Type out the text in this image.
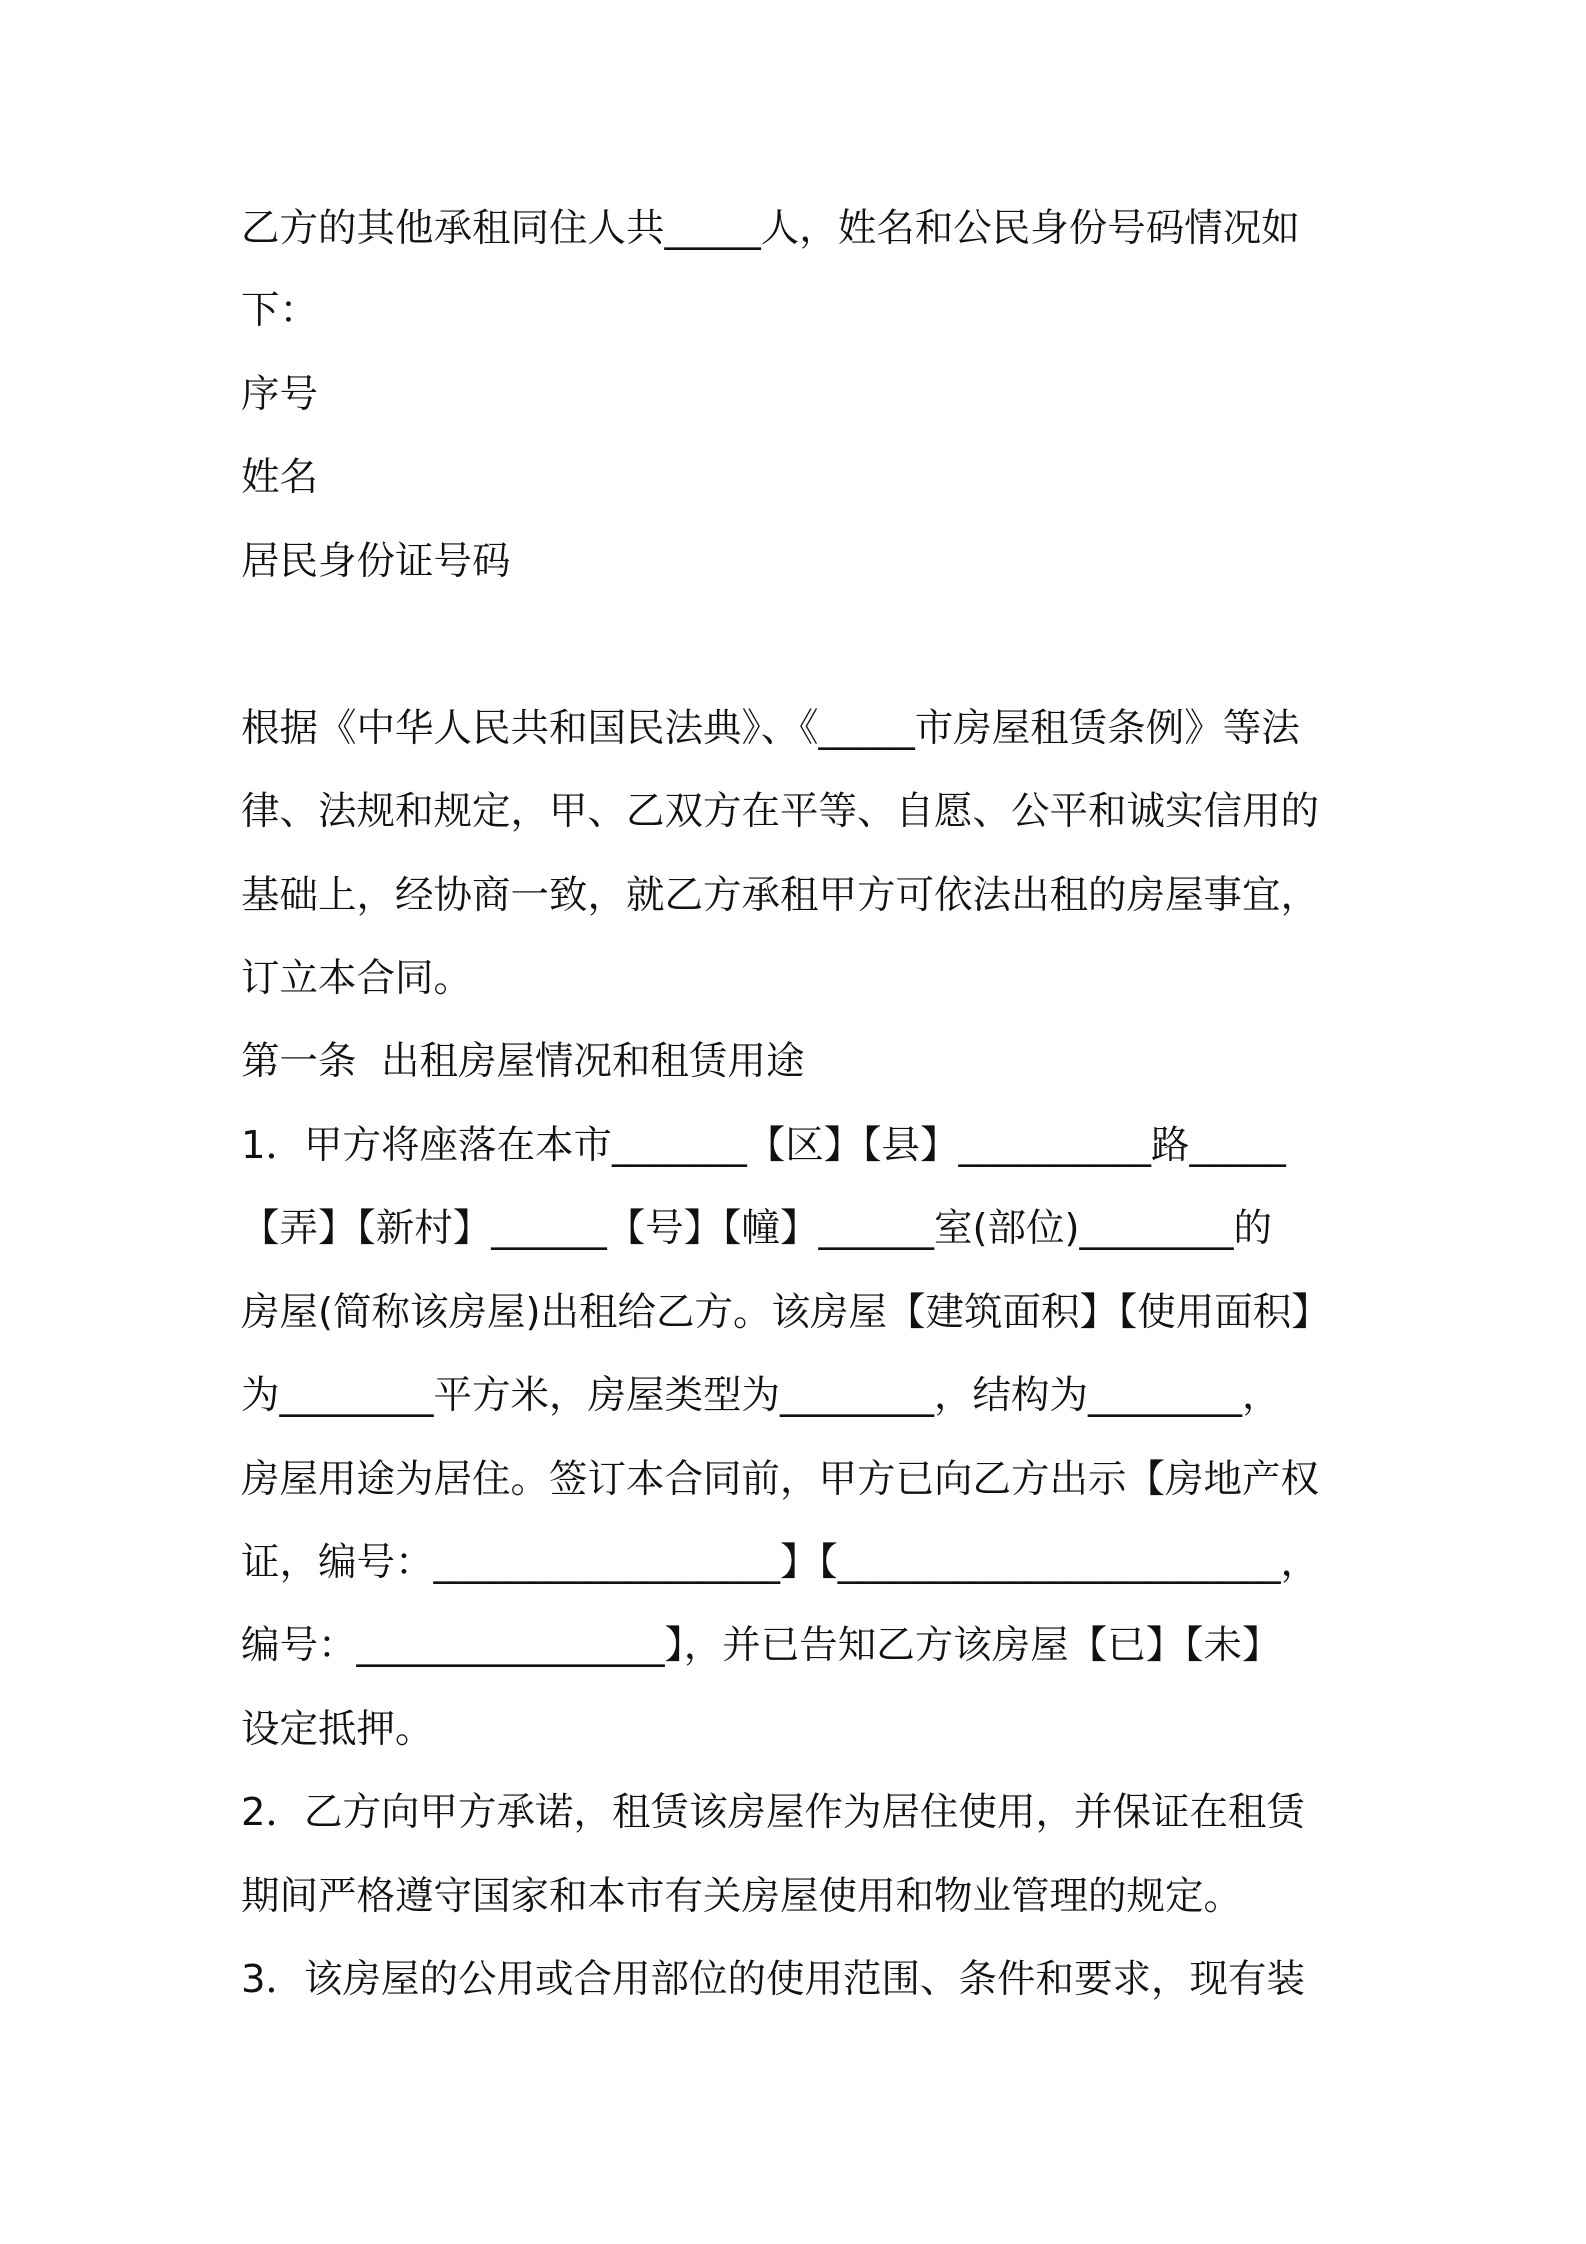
乙方的其他承租同住人共_____人，姓名和公民身份号码情况如
下：
序号
姓名
居民身份证号码
根据《中华人民共和国民法典》、《_____市房屋租赁条例》等法
律、法规和规定，甲、乙双方在平等、自愿、公平和诚实信用的
基础上，经协商一致，就乙方承租甲方可依法出租的房屋事宜，
订立本合同。
第一条  出租房屋情况和租赁用途
1．甲方将座落在本市_______【区】【县】__________路_____
【弄】【新村】______【号】【幢】______室(部位)________的
房屋(简称该房屋)出租给乙方。该房屋【建筑面积】【使用面积】
为________平方米，房屋类型为________，结构为________，
房屋用途为居住。签订本合同前，甲方已向乙方出示【房地产权
证，编号：__________________】【_______________________，
编号：________________】，并已告知乙方该房屋【已】【未】
设定抵押。
2．乙方向甲方承诺，租赁该房屋作为居住使用，并保证在租赁
期间严格遵守国家和本市有关房屋使用和物业管理的规定。
3．该房屋的公用或合用部位的使用范围、条件和要求，现有装
